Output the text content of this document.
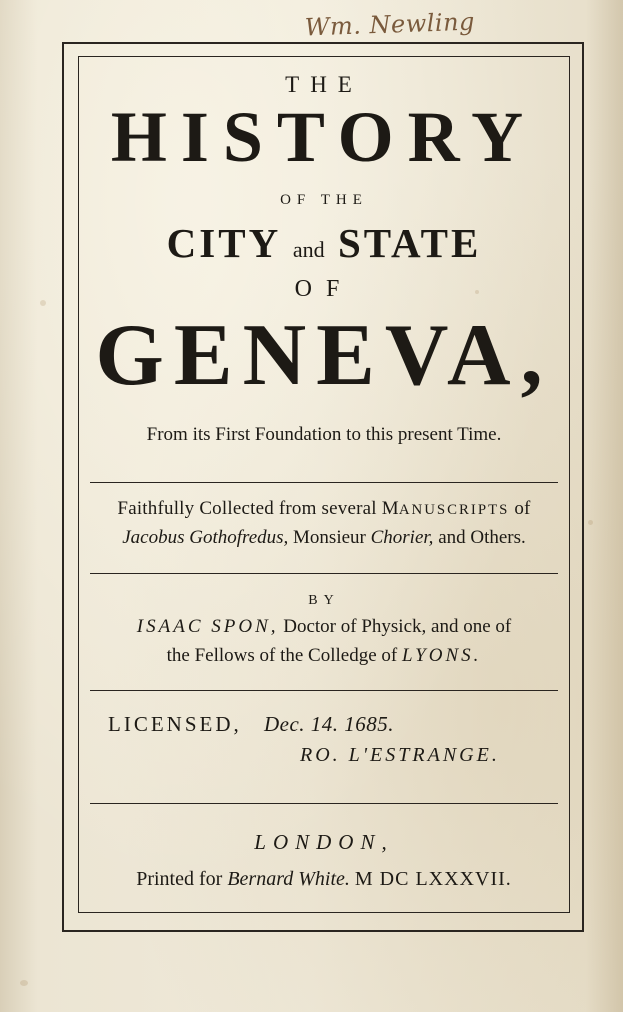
Wm. Newling
THE
HISTORY
OF THE
CITY and STATE
OF
GENEVA,
From its First Foundation to this present Time.
Faithfully Collected from several MANUSCRIPTS of
Jacobus Gothofredus, Monsieur Chorier, and Others.
BY
ISAAC SPON, Doctor of Physick, and one of
the Fellows of the Colledge of LYONS.
LICENSED, Dec. 14. 1685.
RO. L'ESTRANGE.
LONDON,
Printed for Bernard White. M DC LXXXVII.
